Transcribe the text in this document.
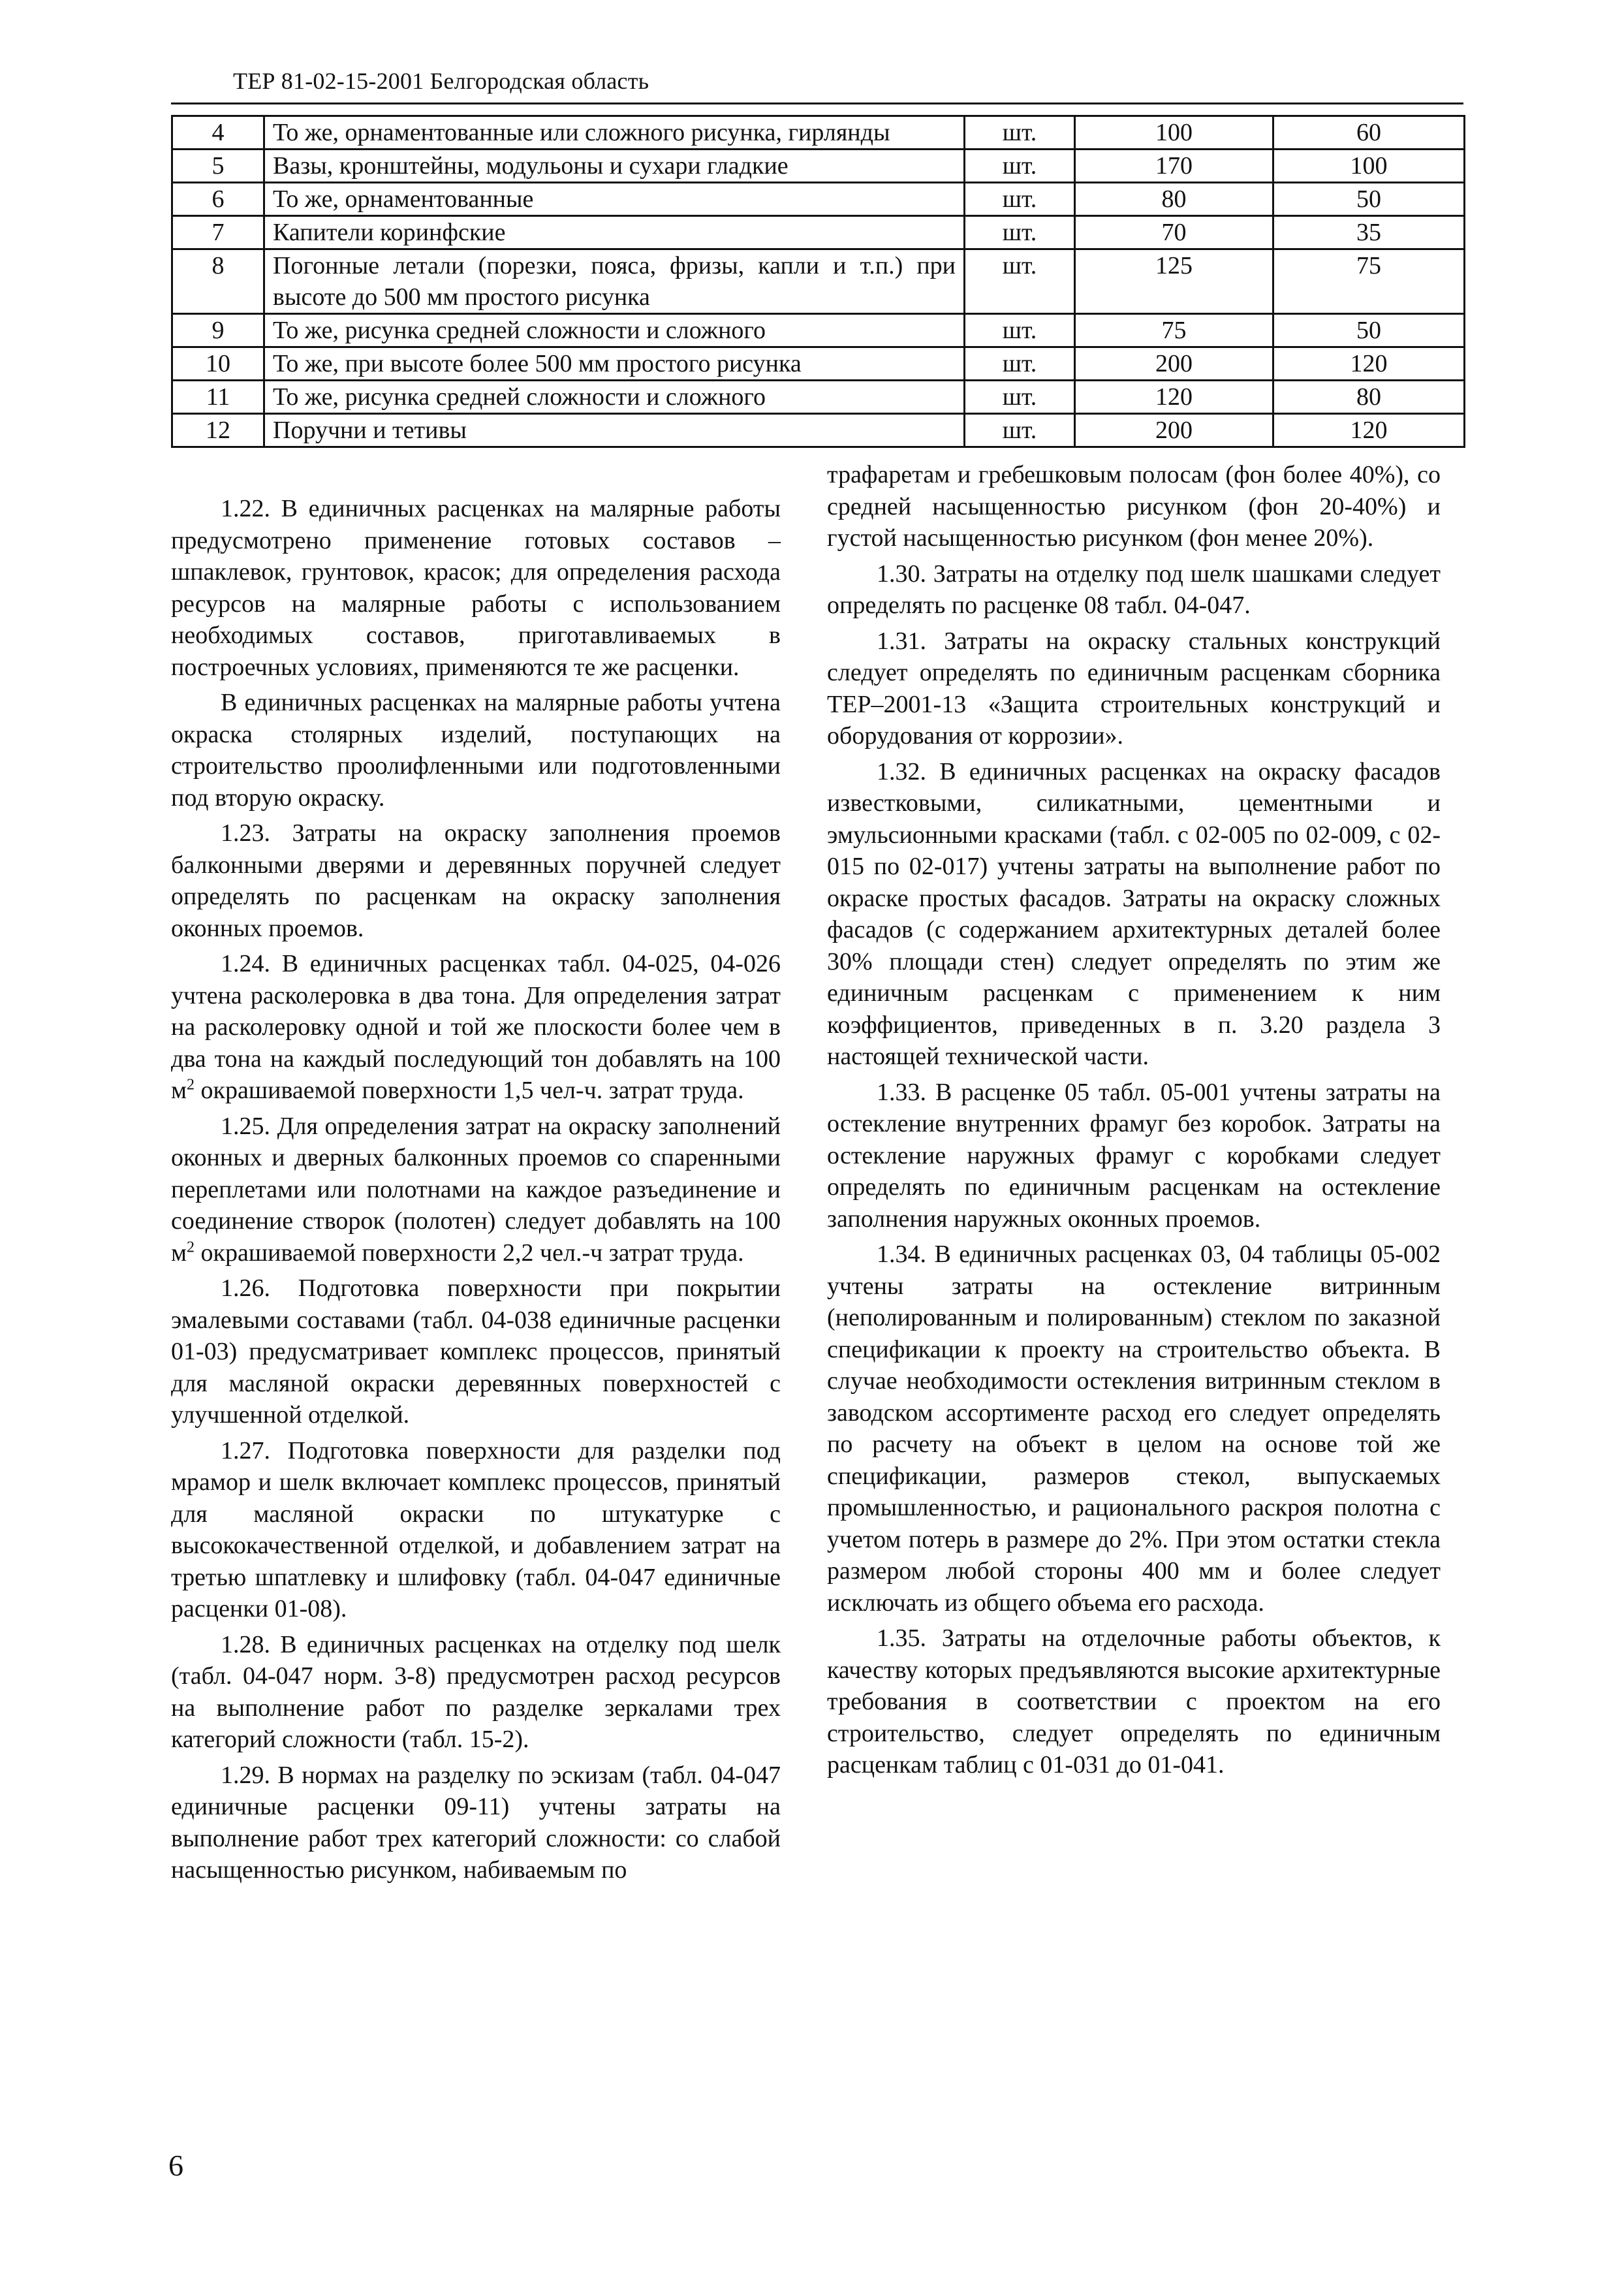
ТЕР 81-02-15-2001 Белгородская область
4	То же, орнаментованные или сложного рисунка, гирлянды	шт.	100	60
5	Вазы, кронштейны, модульоны и сухари гладкие	шт.	170	100
6	То же, орнаментованные	шт.	80	50
7	Капители коринфские	шт.	70	35
8	Погонные летали (порезки, пояса, фризы, капли и т.п.) при высоте до 500 мм простого рисунка	шт.	125	75
9	То же, рисунка средней сложности и сложного	шт.	75	50
10	То же, при высоте более 500 мм простого рисунка	шт.	200	120
11	То же, рисунка средней сложности и сложного	шт.	120	80
12	Поручни и тетивы	шт.	200	120

1.22. В единичных расценках на малярные работы предусмотрено применение готовых составов – шпаклевок, грунтовок, красок; для определения расхода ресурсов на малярные работы с использованием необходимых составов, приготавливаемых в построечных условиях, применяются те же расценки.

В единичных расценках на малярные работы учтена окраска столярных изделий, поступающих на строительство проолифленными или подготовленными под вторую окраску.

1.23. Затраты на окраску заполнения проемов балконными дверями и деревянных поручней следует определять по расценкам на окраску заполнения оконных проемов.

1.24. В единичных расценках табл. 04-025, 04-026 учтена расколеровка в два тона. Для определения затрат на расколеровку одной и той же плоскости более чем в два тона на каждый последующий тон добавлять на 100 $м^2$ окрашиваемой поверхности 1,5 чел-ч. затрат труда.

1.25. Для определения затрат на окраску заполнений оконных и дверных балконных проемов со спаренными переплетами или полотнами на каждое разъединение и соединение створок (полотен) следует добавлять на 100 $м^2$ окрашиваемой поверхности 2,2 чел.-ч затрат труда.

1.26. Подготовка поверхности при покрытии эмалевыми составами (табл. 04-038 единичные расценки 01-03) предусматривает комплекс процессов, принятый для масляной окраски деревянных поверхностей с улучшенной отделкой.

1.27. Подготовка поверхности для разделки под мрамор и шелк включает комплекс процессов, принятый для масляной окраски по штукатурке с высококачественной отделкой, и добавлением затрат на третью шпатлевку и шлифовку (табл. 04-047 единичные расценки 01-08).

1.28. В единичных расценках на отделку под шелк (табл. 04-047 норм. 3-8) предусмотрен расход ресурсов на выполнение работ по разделке зеркалами трех категорий сложности (табл. 15-2).

1.29. В нормах на разделку по эскизам (табл. 04-047 единичные расценки 09-11) учтены затраты на выполнение работ трех категорий сложности: со слабой насыщенностью рисунком, набиваемым по

трафаретам и гребешковым полосам (фон более 40%), со средней насыщенностью рисунком (фон 20-40%) и густой насыщенностью рисунком (фон менее 20%).

1.30. Затраты на отделку под шелк шашками следует определять по расценке 08 табл. 04-047.

1.31. Затраты на окраску стальных конструкций следует определять по единичным расценкам сборника ТЕР–2001-13 «Защита строительных конструкций и оборудования от коррозии».

1.32. В единичных расценках на окраску фасадов известковыми, силикатными, цементными и эмульсионными красками (табл. с 02-005 по 02-009, с 02-015 по 02-017) учтены затраты на выполнение работ по окраске простых фасадов. Затраты на окраску сложных фасадов (с содержанием архитектурных деталей более 30% площади стен) следует определять по этим же единичным расценкам с применением к ним коэффициентов, приведенных в п. 3.20 раздела 3 настоящей технической части.

1.33. В расценке 05 табл. 05-001 учтены затраты на остекление внутренних фрамуг без коробок. Затраты на остекление наружных фрамуг с коробками следует определять по единичным расценкам на остекление заполнения наружных оконных проемов.

1.34. В единичных расценках 03, 04 таблицы 05-002 учтены затраты на остекление витринным (неполированным и полированным) стеклом по заказной спецификации к проекту на строительство объекта. В случае необходимости остекления витринным стеклом в заводском ассортименте расход его следует определять по расчету на объект в целом на основе той же спецификации, размеров стекол, выпускаемых промышленностью, и рационального раскроя полотна с учетом потерь в размере до 2%. При этом остатки стекла размером любой стороны 400 мм и более следует исключать из общего объема его расхода.

1.35. Затраты на отделочные работы объектов, к качеству которых предъявляются высокие архитектурные требования в соответствии с проектом на его строительство, следует определять по единичным расценкам таблиц с 01-031 до 01-041.

6
